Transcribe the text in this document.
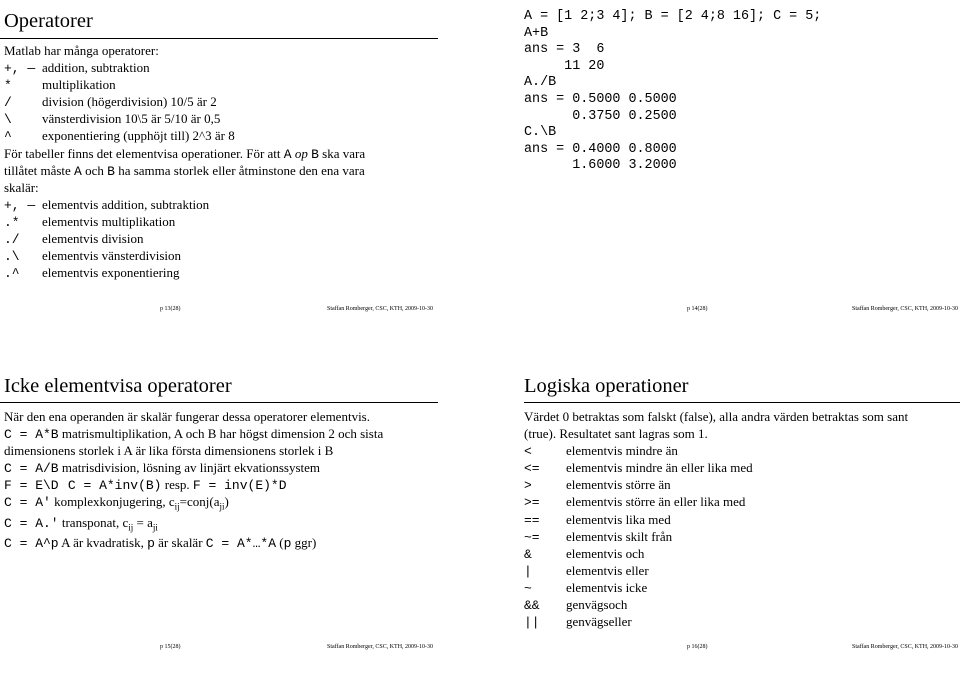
Operatorer
Matlab har många operatorer:
+, — addition, subtraktion
* multiplikation
/ division (högerdivision) 10/5 är 2
\ vänsterdivision 10\5 är 5/10 är 0,5
^ exponentiering (upphöjt till) 2^3 är 8
För tabeller finns det elementvisa operationer. För att A op B ska vara
tillåtet måste A och B ha samma storlek eller åtminstone den ena vara
skalär:
+, — elementvis addition, subtraktion
.* elementvis multiplikation
./ elementvis division
.\ elementvis vänsterdivision
.^ elementvis exponentiering
p 13(28)	Staffan Romberger, CSC, KTH, 2009-10-30
A = [1 2;3 4]; B = [2 4;8 16]; C = 5;
A+B
ans = 3  6
11 20
A./B
ans = 0.5000 0.5000
0.3750 0.2500
C.\B
ans = 0.4000 0.8000
1.6000 3.2000
p 14(28)	Staffan Romberger, CSC, KTH, 2009-10-30
Icke elementvisa operatorer
När den ena operanden är skalär fungerar dessa operatorer elementvis.
C = A*B matrismultiplikation, A och B har högst dimension 2 och sista
dimensionens storlek i A är lika första dimensionens storlek i B
C = A/B matrisdivision, lösning av linjärt ekvationssystem
F = E\D C = A*inv(B) resp. F = inv(E)*D
C = A' komplexkonjugering, $c_{ij}=conj(a_{ji})$
C = A.' transponat, $c_{ij} = a_{ji}$
C = A^p A är kvadratisk, p är skalär C = A*…*A (p ggr)
p 15(28)	Staffan Romberger, CSC, KTH, 2009-10-30
Logiska operationer
Värdet 0 betraktas som falskt (false), alla andra värden betraktas som sant
(true). Resultatet sant lagras som 1.
<	elementvis mindre än
<= elementvis mindre än eller lika med
>	elementvis större än
>= elementvis större än eller lika med
== elementvis lika med
~= elementvis skilt från
&	elementvis och
|	elementvis eller
~	elementvis icke
&& genvägsoch
|| genvägseller
p 16(28)	Staffan Romberger, CSC, KTH, 2009-10-30
